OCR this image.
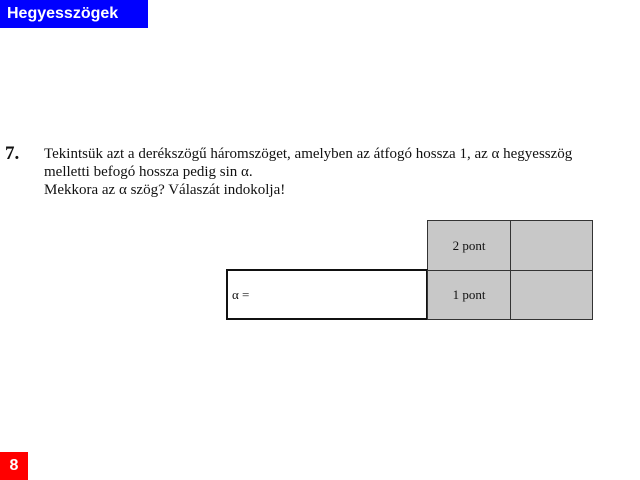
Hegyesszögek
7. Tekintsük azt a derékszögű háromszöget, amelyben az átfogó hossza 1, az α hegyesszög
melletti befogó hossza pedig sin α.
Mekkora az α szög? Válaszát indokolja!
2 pont
α =	1 pont
8
